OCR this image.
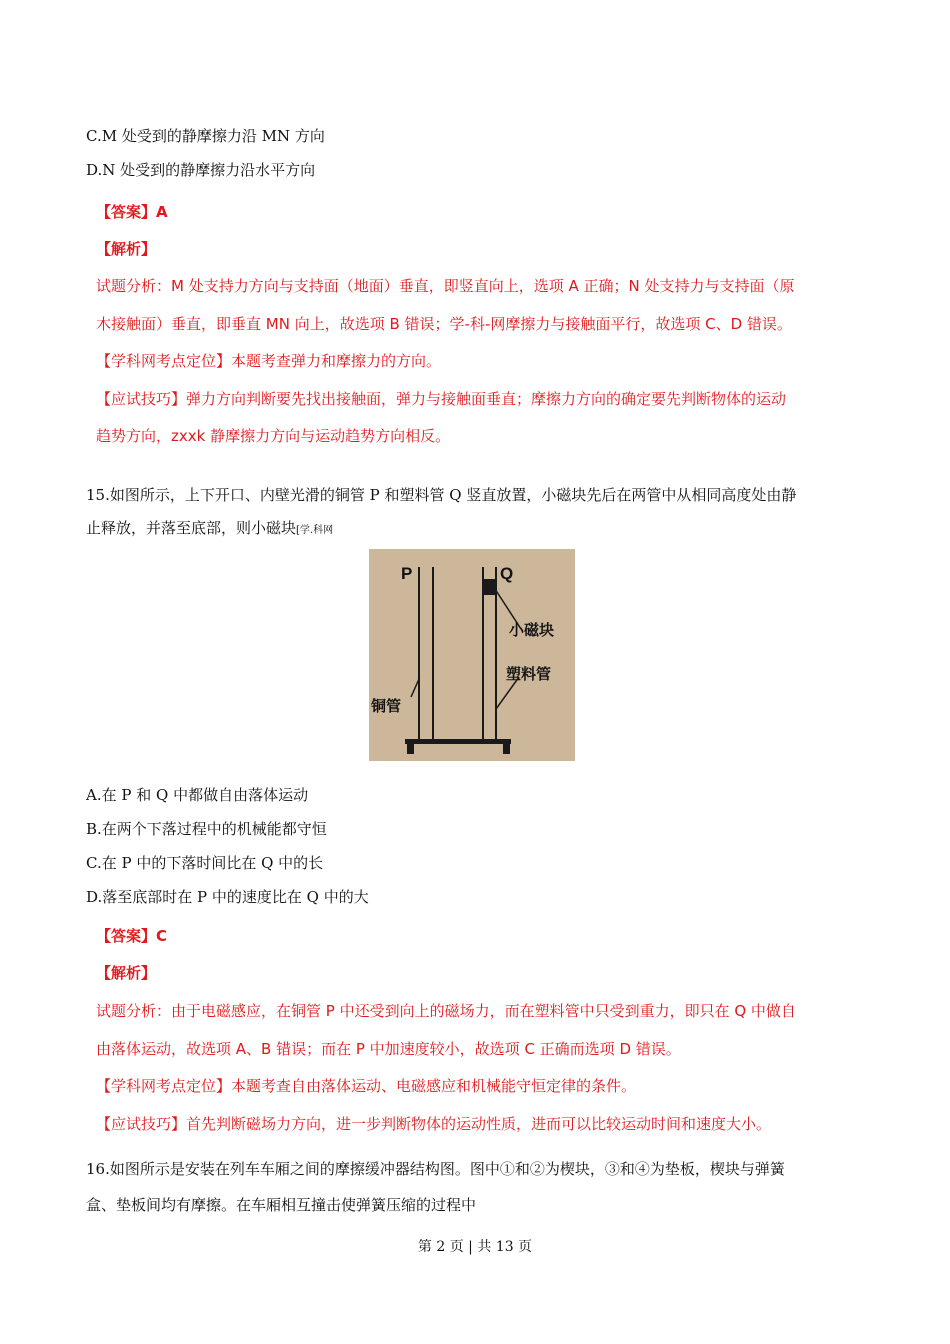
C.M 处受到的静摩擦力沿 MN 方向
D.N 处受到的静摩擦力沿水平方向
【答案】A
【解析】
试题分析：M 处支持力方向与支持面（地面）垂直，即竖直向上，选项 A 正确；N 处支持力与支持面（原
木接触面）垂直，即垂直 MN 向上，故选项 B 错误；学-科-网摩擦力与接触面平行，故选项 C、D 错误。
【学科网考点定位】本题考查弹力和摩擦力的方向。
【应试技巧】弹力方向判断要先找出接触面，弹力与接触面垂直；摩擦力方向的确定要先判断物体的运动
趋势方向，zxxk 静摩擦力方向与运动趋势方向相反。
15.如图所示，上下开口、内壁光滑的铜管 P 和塑料管 Q 竖直放置，小磁块先后在两管中从相同高度处由静
止释放，并落至底部，则小磁块[学.科网
P	Q
小磁块
塑料管
铜管
A.在 P 和 Q 中都做自由落体运动
B.在两个下落过程中的机械能都守恒
C.在 P 中的下落时间比在 Q 中的长
D.落至底部时在 P 中的速度比在 Q 中的大
【答案】C
【解析】
试题分析：由于电磁感应，在铜管 P 中还受到向上的磁场力，而在塑料管中只受到重力，即只在 Q 中做自
由落体运动，故选项 A、B 错误；而在 P 中加速度较小，故选项 C 正确而选项 D 错误。
【学科网考点定位】本题考查自由落体运动、电磁感应和机械能守恒定律的条件。
【应试技巧】首先判断磁场力方向，进一步判断物体的运动性质，进而可以比较运动时间和速度大小。
16.如图所示是安装在列车车厢之间的摩擦缓冲器结构图。图中①和②为楔块，③和④为垫板，楔块与弹簧
盒、垫板间均有摩擦。在车厢相互撞击使弹簧压缩的过程中
第 2 页 | 共 13 页
